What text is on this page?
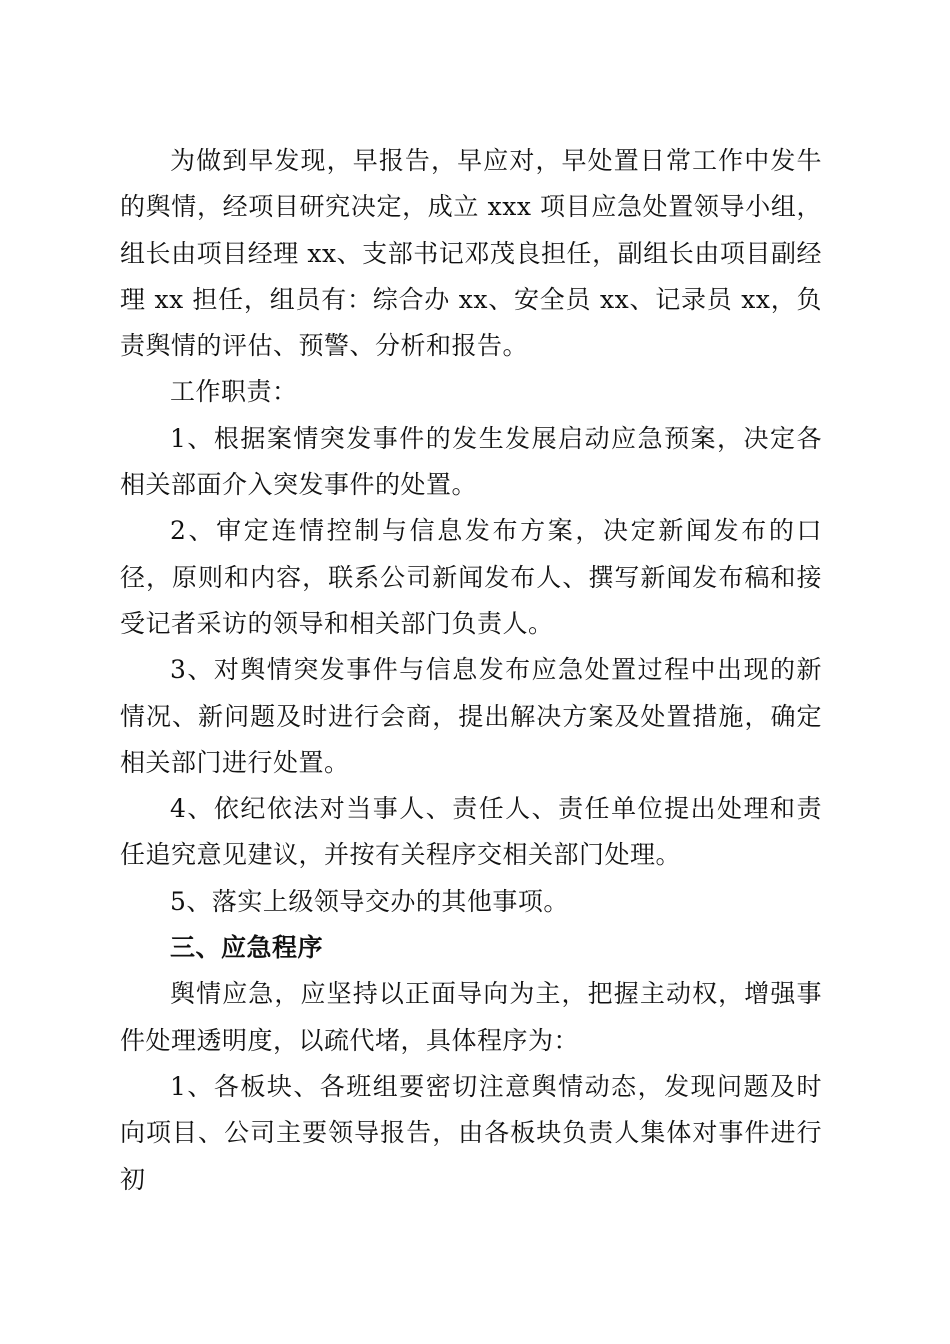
为做到早发现，早报告，早应对，早处置日常工作中发牛的舆情，经项目研究决定，成立 xxx 项目应急处置领导小组，组长由项目经理 xx、支部书记邓茂良担任，副组长由项目副经理 xx 担任，组员有：综合办 xx、安全员 xx、记录员 xx，负责舆情的评估、预警、分析和报告。

工作职责：

1、根据案情突发事件的发生发展启动应急预案，决定各相关部面介入突发事件的处置。

2、审定连情控制与信息发布方案，决定新闻发布的口径，原则和内容，联系公司新闻发布人、撰写新闻发布稿和接受记者采访的领导和相关部门负责人。

3、对舆情突发事件与信息发布应急处置过程中出现的新情况、新问题及时进行会商，提出解决方案及处置措施，确定相关部门进行处置。

4、依纪依法对当事人、责任人、责任单位提出处理和责任追究意见建议，并按有关程序交相关部门处理。

5、落实上级领导交办的其他事项。

三、应急程序

舆情应急，应坚持以正面导向为主，把握主动权，增强事件处理透明度，以疏代堵，具体程序为：

1、各板块、各班组要密切注意舆情动态，发现问题及时向项目、公司主要领导报告，由各板块负责人集体对事件进行初
